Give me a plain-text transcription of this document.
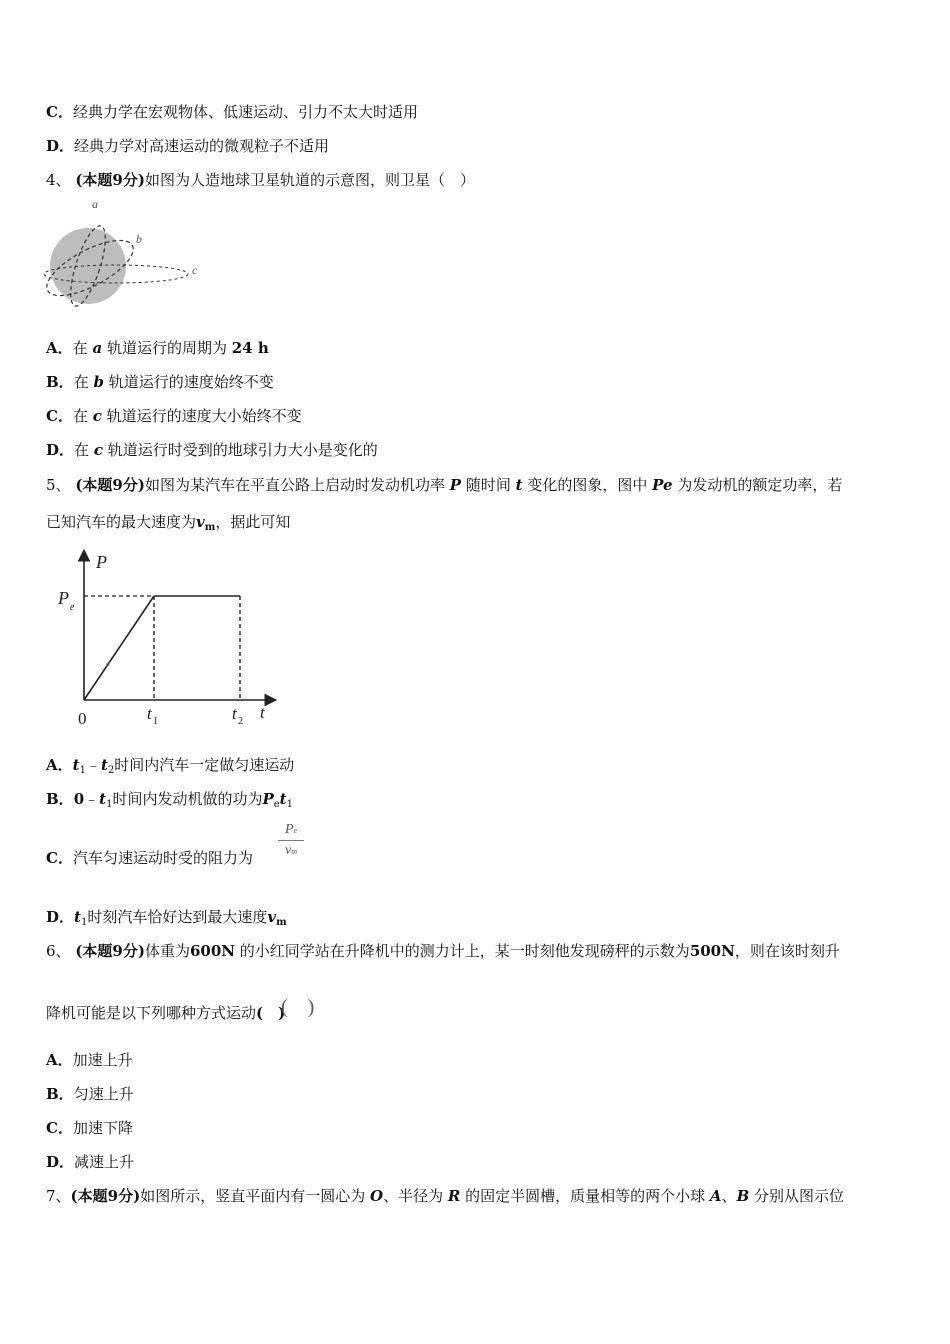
C．经典力学在宏观物体、低速运动、引力不太大时适用
D．经典力学对高速运动的微观粒子不适用
4、 (本题9分)如图为人造地球卫星轨道的示意图，则卫星（　）
a
b
c
A．在 a 轨道运行的周期为 24 h
B．在 b 轨道运行的速度始终不变
C．在 c 轨道运行的速度大小始终不变
D．在 c 轨道运行时受到的地球引力大小是变化的
5、 (本题9分)如图为某汽车在平直公路上启动时发动机功率 P 随时间 t 变化的图象，图中 Pe 为发动机的额定功率，若
已知汽车的最大速度为$v_m$，据此可知
P
P e
0	t 1	t 2 t
a
A．$t_1﹣t_2$时间内汽车一定做匀速运动
B．$0﹣t_1$时间内发动机做的功为$P_et_1$
C．汽车匀速运动时受的阻力为 $\frac{Pe}{vm}$
D．$t_1$时刻汽车恰好达到最大速度$v_m$
6、 (本题9分)体重为600N 的小红同学站在升降机中的测力计上，某一时刻他发现磅秤的示数为500N，则在该时刻升
降机可能是以下列哪种方式运动(　)
(　)
A．加速上升
B．匀速上升
C．加速下降
D．减速上升
7、(本题9分)如图所示，竖直平面内有一圆心为 O、半径为 R 的固定半圆槽，质量相等的两个小球 A、B 分别从图示位
